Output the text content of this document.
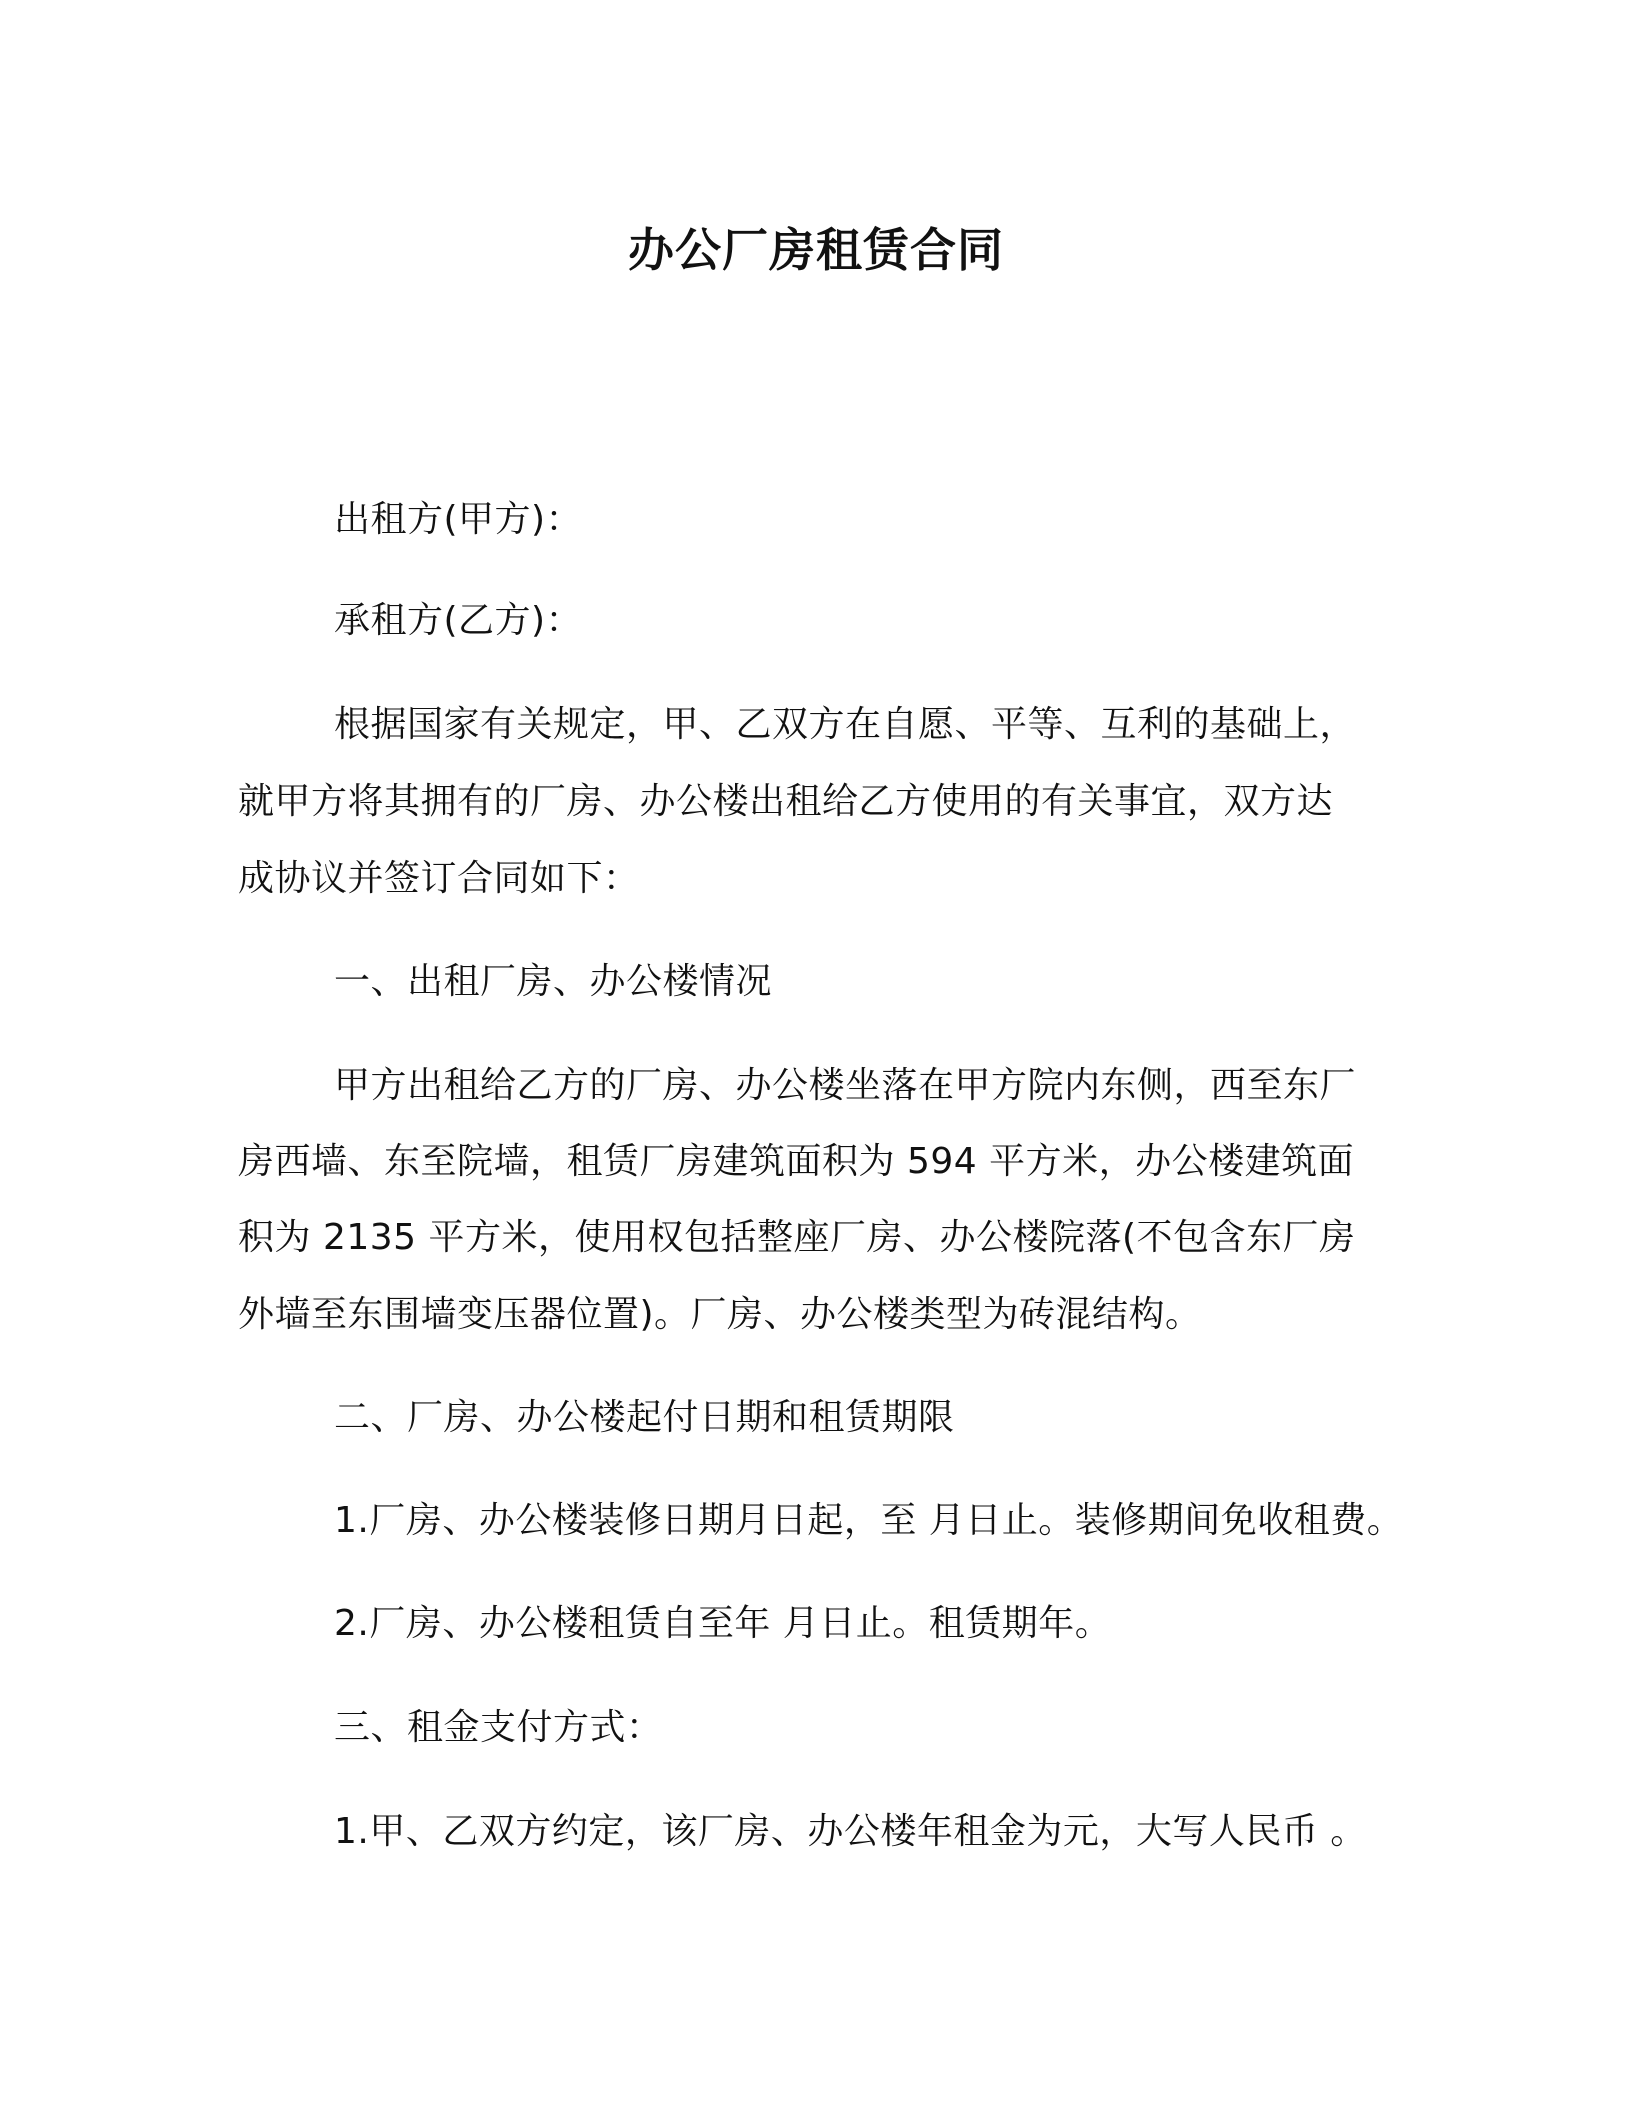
办公厂房租赁合同
出租方(甲方)：
承租方(乙方)：
根据国家有关规定，甲、乙双方在自愿、平等、互利的基础上，
就甲方将其拥有的厂房、办公楼出租给乙方使用的有关事宜，双方达
成协议并签订合同如下：
一、出租厂房、办公楼情况
甲方出租给乙方的厂房、办公楼坐落在甲方院内东侧，西至东厂
房西墙、东至院墙，租赁厂房建筑面积为 594 平方米，办公楼建筑面
积为 2135 平方米，使用权包括整座厂房、办公楼院落(不包含东厂房
外墙至东围墙变压器位置)。厂房、办公楼类型为砖混结构。
二、厂房、办公楼起付日期和租赁期限
1.厂房、办公楼装修日期月日起，至 月日止。装修期间免收租费。
2.厂房、办公楼租赁自至年 月日止。租赁期年。
三、租金支付方式：
1.甲、乙双方约定，该厂房、办公楼年租金为元，大写人民币 。
